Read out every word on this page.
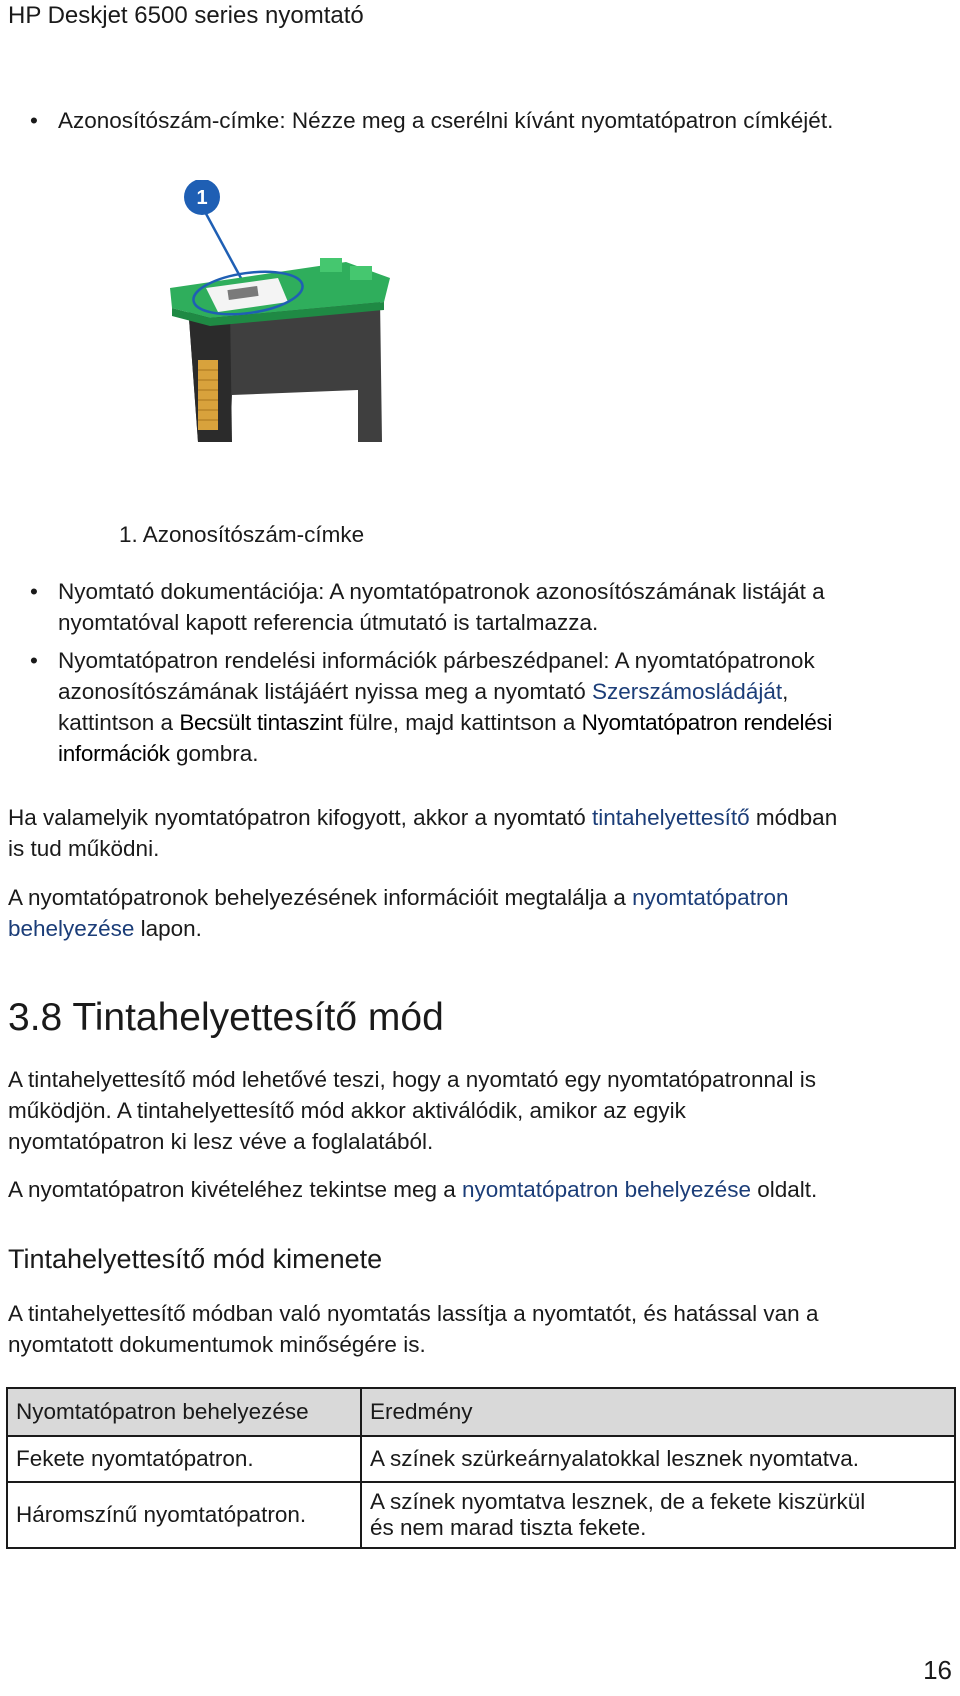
HP Deskjet 6500 series nyomtató
• Azonosítószám-címke: Nézze meg a cserélni kívánt nyomtatópatron címkéjét.
1
1. Azonosítószám-címke
• Nyomtató dokumentációja: A nyomtatópatronok azonosítószámának listáját a
nyomtatóval kapott referencia útmutató is tartalmazza.
• Nyomtatópatron rendelési információk párbeszédpanel: A nyomtatópatronok
azonosítószámának listájáért nyissa meg a nyomtató Szerszámosládáját,
kattintson a Becsült tintaszint fülre, majd kattintson a Nyomtatópatron rendelési
információk gombra.
Ha valamelyik nyomtatópatron kifogyott, akkor a nyomtató tintahelyettesítő módban
is tud működni.
A nyomtatópatronok behelyezésének információit megtalálja a nyomtatópatron
behelyezése lapon.
3.8 Tintahelyettesítő mód
A tintahelyettesítő mód lehetővé teszi, hogy a nyomtató egy nyomtatópatronnal is
működjön. A tintahelyettesítő mód akkor aktiválódik, amikor az egyik
nyomtatópatron ki lesz véve a foglalatából.
A nyomtatópatron kivételéhez tekintse meg a nyomtatópatron behelyezése oldalt.
Tintahelyettesítő mód kimenete
A tintahelyettesítő módban való nyomtatás lassítja a nyomtatót, és hatással van a
nyomtatott dokumentumok minőségére is.
Nyomtatópatron behelyezése	Eredmény
Fekete nyomtatópatron.	A színek szürkeárnyalatokkal lesznek nyomtatva.
Háromszínű nyomtatópatron.	A színek nyomtatva lesznek, de a fekete kiszürkül
és nem marad tiszta fekete.
16
